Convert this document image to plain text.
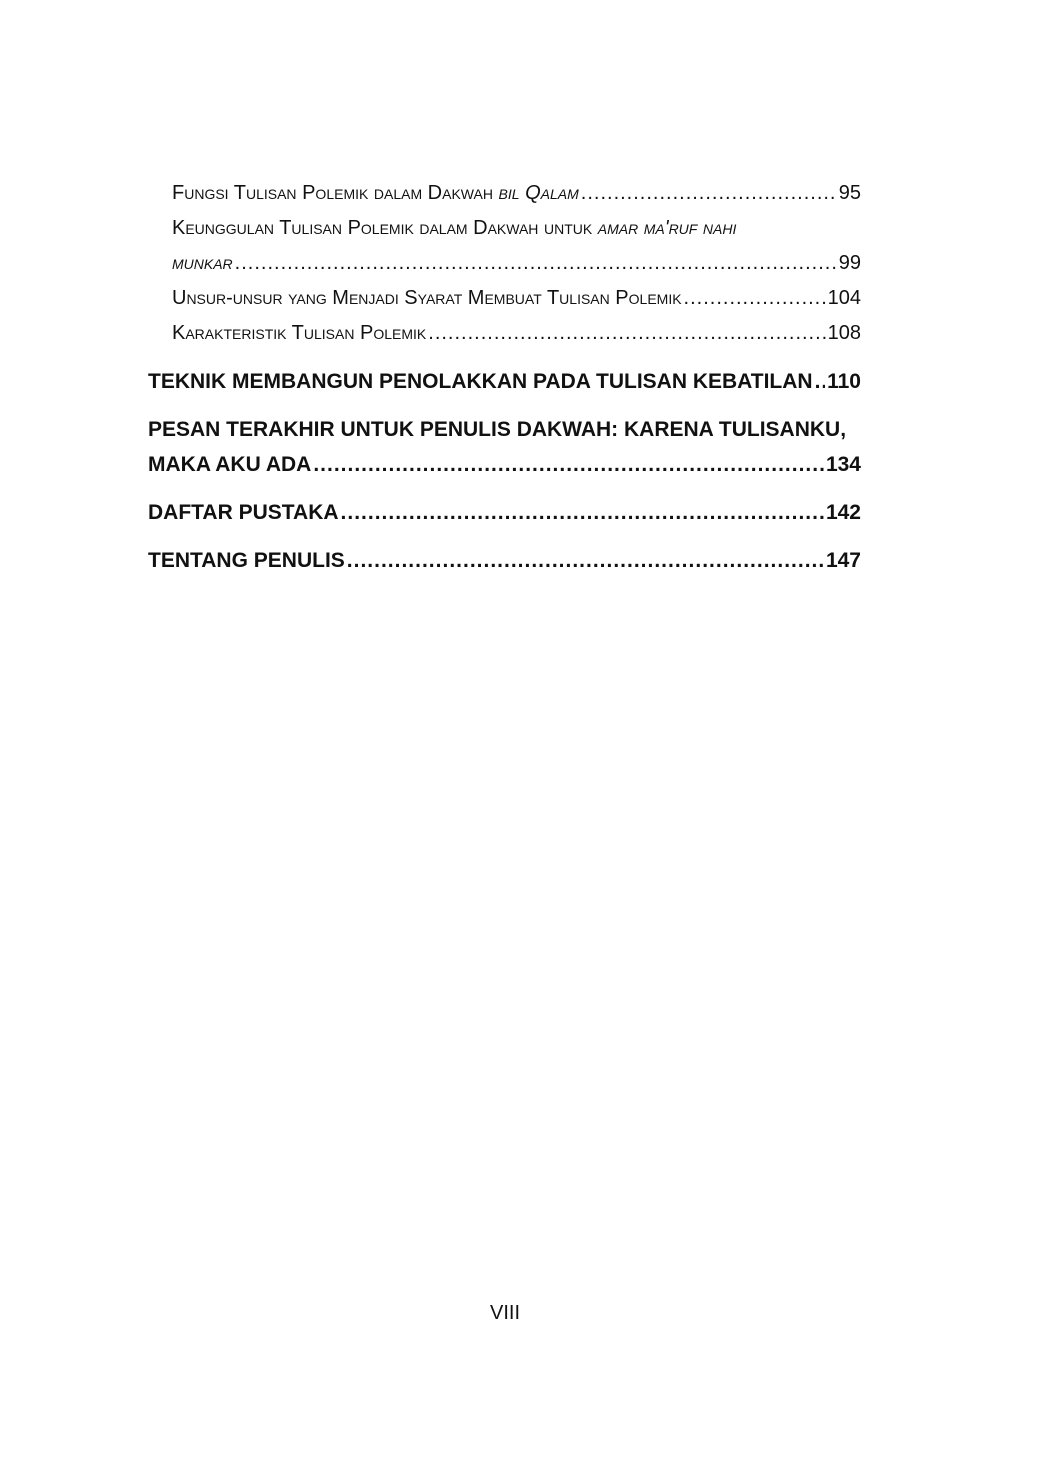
Fungsi Tulisan Polemik dalam Dakwah bil Qalam .....	95
Keunggulan Tulisan Polemik dalam Dakwah untuk amar ma'ruf nahi
munkar .....	99
Unsur-unsur yang Menjadi Syarat Membuat Tulisan Polemik .....	104
Karakteristik Tulisan Polemik .....	108
TEKNIK MEMBANGUN PENOLAKKAN PADA TULISAN KEBATILAN ..... 110
PESAN TERAKHIR UNTUK PENULIS DAKWAH: KARENA TULISANKU,
MAKA AKU ADA .....	134
DAFTAR PUSTAKA .....	142
TENTANG PENULIS .....	147
VIII
